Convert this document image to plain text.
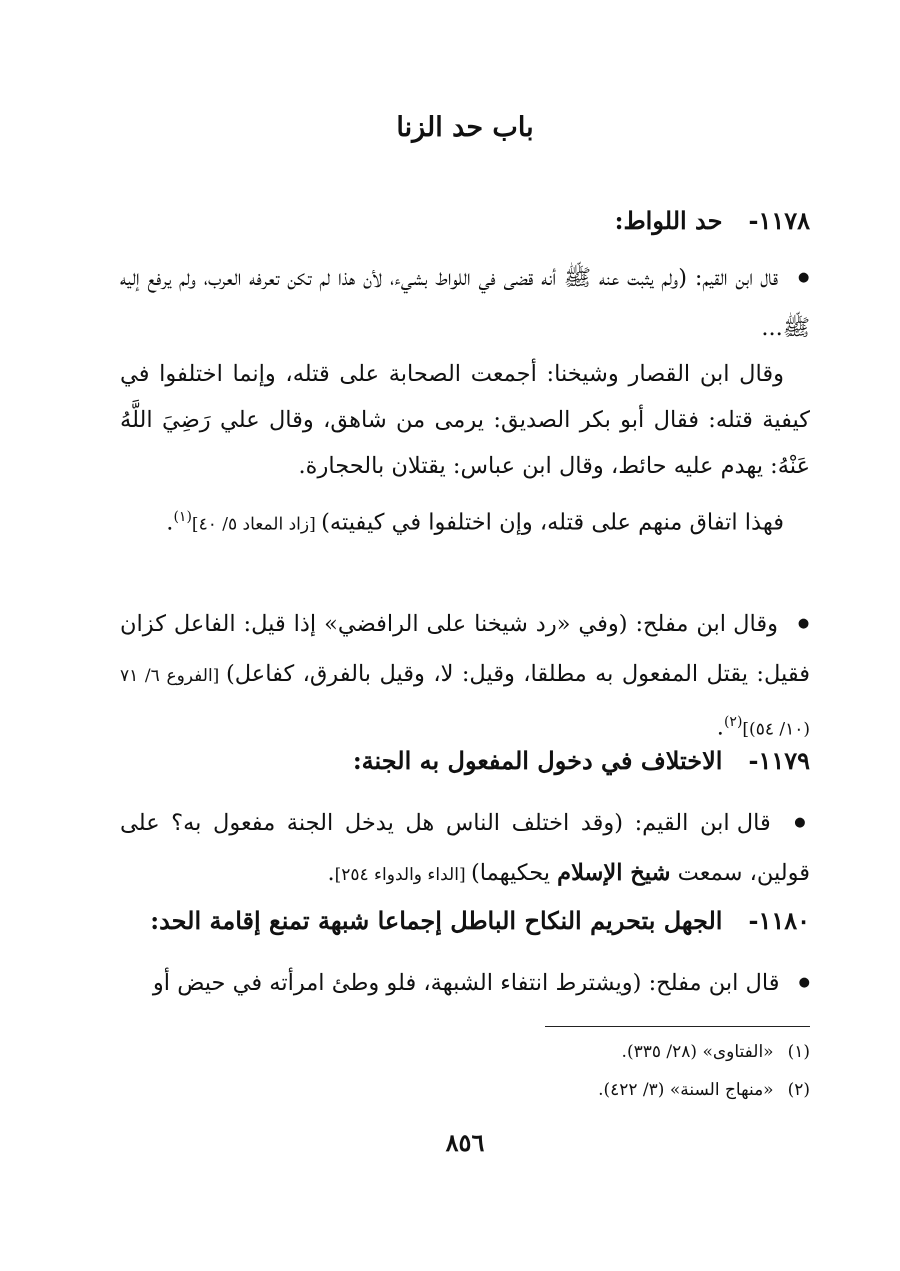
باب حد الزنا
١١٧٨-حد اللواط:

● قال ابن القيم: (ولم يثبت عنه ﷺ أنه قضى في اللواط بشيء، لأن هذا لم تكن تعرفه العرب، ولم يرفع إليه ﷺ...

وقال ابن القصار وشيخنا: أجمعت الصحابة على قتله، وإنما اختلفوا في كيفية قتله: فقال أبو بكر الصديق: يرمى من شاهق، وقال علي رَضِيَ اللَّهُ عَنْهُ: يهدم عليه حائط، وقال ابن عباس: يقتلان بالحجارة.

فهذا اتفاق منهم على قتله، وإن اختلفوا في كيفيته) [زاد المعاد ٥/ ٤٠]$^{(١)}$.

● وقال ابن مفلح: (وفي «رد شيخنا على الرافضي» إذا قيل: الفاعل كزان فقيل: يقتل المفعول به مطلقا، وقيل: لا، وقيل بالفرق، كفاعل) [الفروع ٦/ ٧١ (١٠/ ٥٤)]$^{(٢)}$.

١١٧٩-الاختلاف في دخول المفعول به الجنة:

● قال ابن القيم: (وقد اختلف الناس هل يدخل الجنة مفعول به؟ على قولين، سمعت شيخ الإسلام يحكيهما) [الداء والدواء ٢٥٤].

١١٨٠-الجهل بتحريم النكاح الباطل إجماعا شبهة تمنع إقامة الحد:

● قال ابن مفلح: (ويشترط انتفاء الشبهة، فلو وطئ امرأته في حيض أو

(١)«الفتاوى» (٢٨/ ٣٣٥).

(٢)«منهاج السنة» (٣/ ٤٢٢).

٨٥٦
